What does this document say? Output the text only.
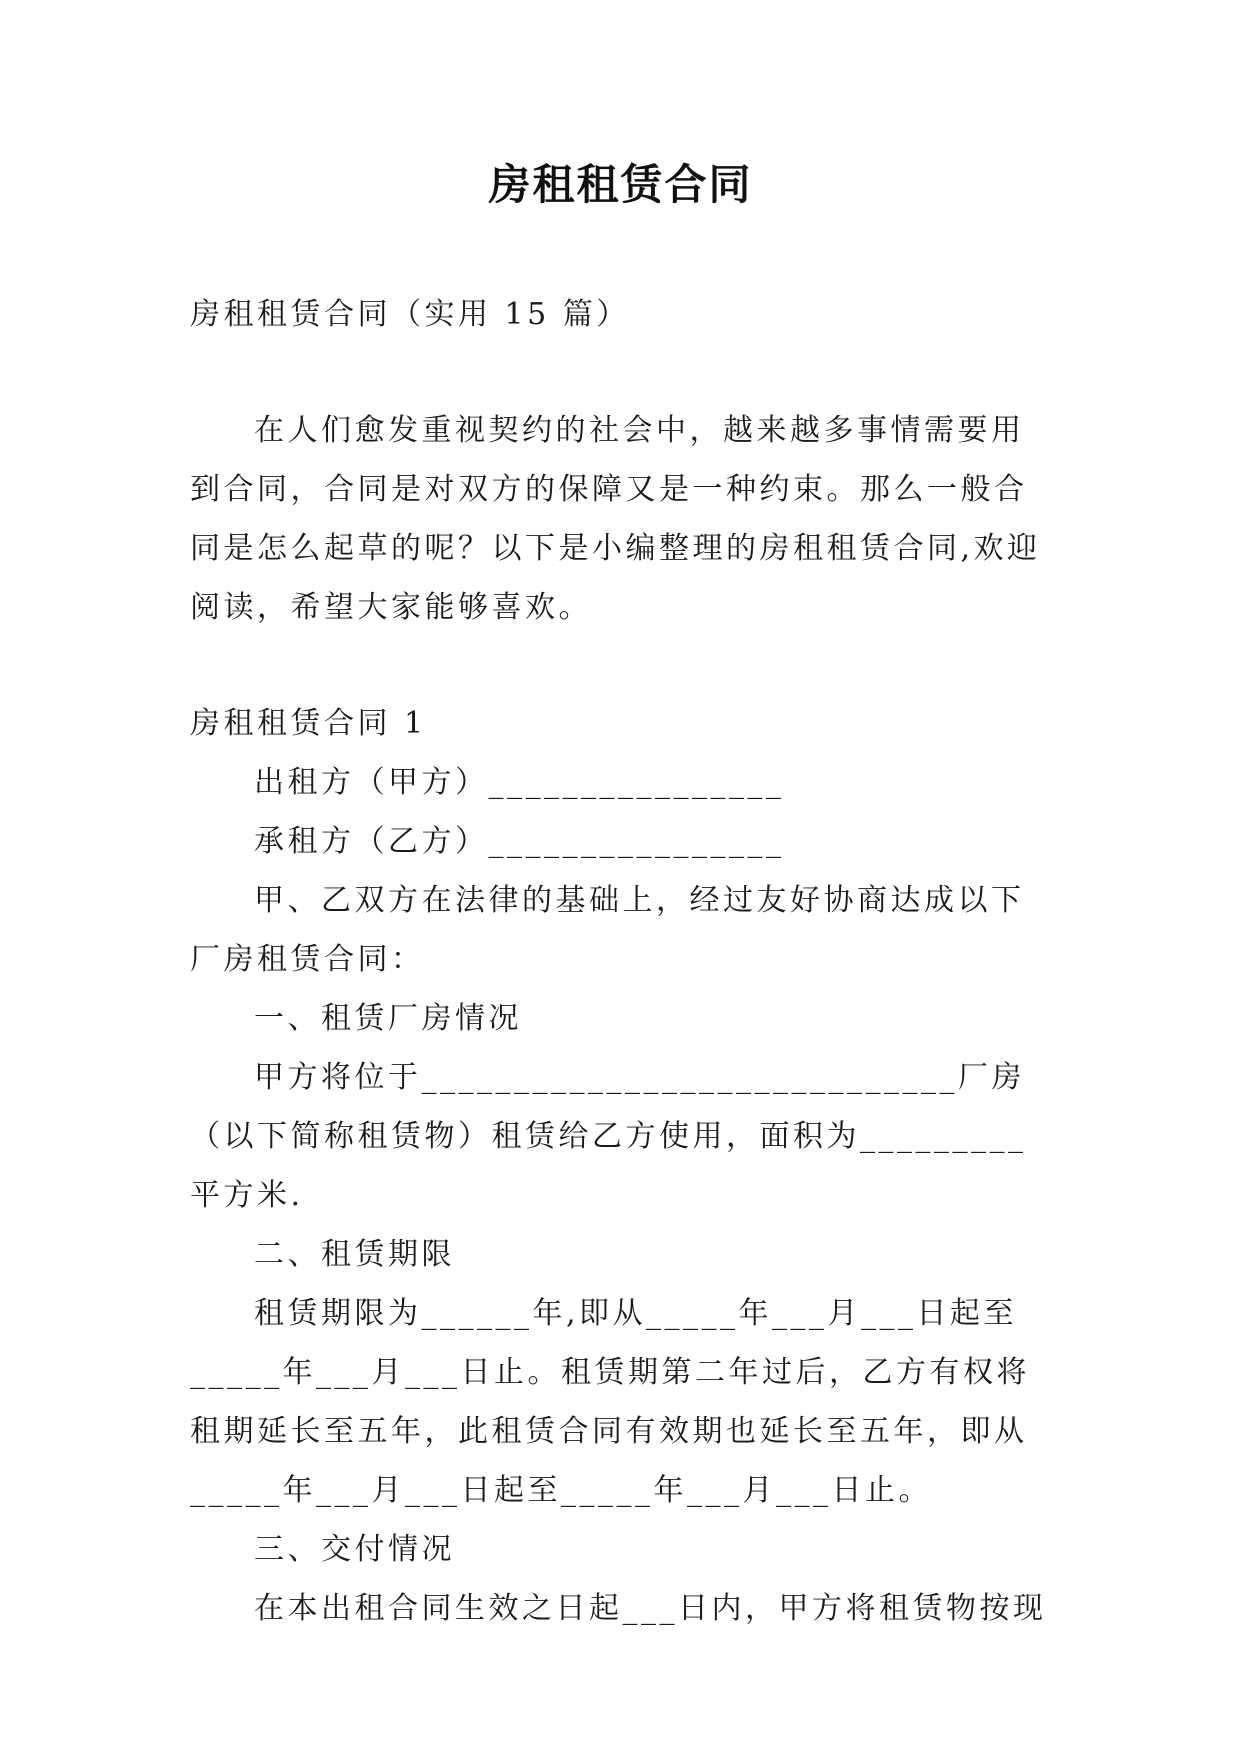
房租租赁合同

房租租赁合同（实用 15 篇）

在人们愈发重视契约的社会中，越来越多事情需要用到合同，合同是对双方的保障又是一种约束。那么一般合同是怎么起草的呢？以下是小编整理的房租租赁合同,欢迎阅读，希望大家能够喜欢。

房租租赁合同 1

出租方（甲方）________________

承租方（乙方）________________

甲、乙双方在法律的基础上，经过友好协商达成以下厂房租赁合同：

一、租赁厂房情况

甲方将位于_____________________________厂房（以下简称租赁物）租赁给乙方使用，面积为_________平方米.

二、租赁期限

租赁期限为______年,即从_____年___月___日起至_____年___月___日止。租赁期第二年过后，乙方有权将租期延长至五年，此租赁合同有效期也延长至五年，即从_____年___月___日起至_____年___月___日止。

三、交付情况

在本出租合同生效之日起___日内，甲方将租赁物按现
